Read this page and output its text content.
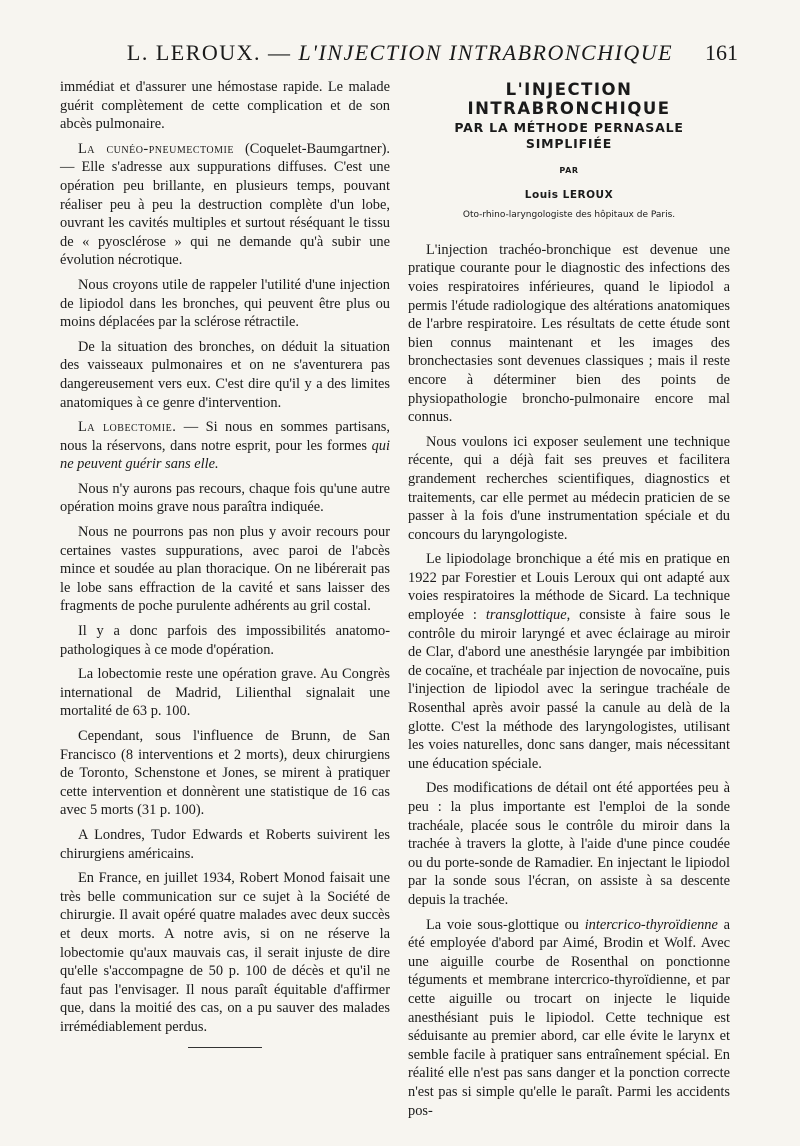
L. LEROUX. — L'INJECTION INTRABRONCHIQUE	161

immédiat et d'assurer une hémostase rapide. Le malade guérit complètement de cette complication et de son abcès pulmonaire.

La cunéo-pneumectomie (Coquelet-Baumgartner). — Elle s'adresse aux suppurations diffuses. C'est une opération peu brillante, en plusieurs temps, pouvant réaliser peu à peu la destruction complète d'un lobe, ouvrant les cavités multiples et surtout réséquant le tissu de « pyosclérose » qui ne demande qu'à subir une évolution nécrotique.

Nous croyons utile de rappeler l'utilité d'une injection de lipiodol dans les bronches, qui peuvent être plus ou moins déplacées par la sclérose rétractile.

De la situation des bronches, on déduit la situation des vaisseaux pulmonaires et on ne s'aventurera pas dangereusement vers eux. C'est dire qu'il y a des limites anatomiques à ce genre d'intervention.

La lobectomie. — Si nous en sommes partisans, nous la réservons, dans notre esprit, pour les formes qui ne peuvent guérir sans elle.

Nous n'y aurons pas recours, chaque fois qu'une autre opération moins grave nous paraîtra indiquée.

Nous ne pourrons pas non plus y avoir recours pour certaines vastes suppurations, avec paroi de l'abcès mince et soudée au plan thoracique. On ne libérerait pas le lobe sans effraction de la cavité et sans laisser des fragments de poche purulente adhérents au gril costal.

Il y a donc parfois des impossibilités anatomo-pathologiques à ce mode d'opération.

La lobectomie reste une opération grave. Au Congrès international de Madrid, Lilienthal signalait une mortalité de 63 p. 100.

Cependant, sous l'influence de Brunn, de San Francisco (8 interventions et 2 morts), deux chirurgiens de Toronto, Schenstone et Jones, se mirent à pratiquer cette intervention et donnèrent une statistique de 16 cas avec 5 morts (31 p. 100).

A Londres, Tudor Edwards et Roberts suivirent les chirurgiens américains.

En France, en juillet 1934, Robert Monod faisait une très belle communication sur ce sujet à la Société de chirurgie. Il avait opéré quatre malades avec deux succès et deux morts. A notre avis, si on ne réserve la lobectomie qu'aux mauvais cas, il serait injuste de dire qu'elle s'accompagne de 50 p. 100 de décès et qu'il ne faut pas l'envisager. Il nous paraît équitable d'affirmer que, dans la moitié des cas, on a pu sauver des malades irrémédiablement perdus.

L'INJECTION
INTRABRONCHIQUE
PAR LA MÉTHODE PERNASALE
SIMPLIFIÉE
PAR
Louis LEROUX
Oto-rhino-laryngologiste des hôpitaux de Paris.

L'injection trachéo-bronchique est devenue une pratique courante pour le diagnostic des infections des voies respiratoires inférieures, quand le lipiodol a permis l'étude radiologique des altérations anatomiques de l'arbre respiratoire. Les résultats de cette étude sont bien connus maintenant et les images des bronchectasies sont devenues classiques ; mais il reste encore à déterminer bien des points de physiopathologie broncho-pulmonaire encore mal connus.

Nous voulons ici exposer seulement une technique récente, qui a déjà fait ses preuves et facilitera grandement recherches scientifiques, diagnostics et traitements, car elle permet au médecin praticien de se passer à la fois d'une instrumentation spéciale et du concours du laryngologiste.

Le lipiodolage bronchique a été mis en pratique en 1922 par Forestier et Louis Leroux qui ont adapté aux voies respiratoires la méthode de Sicard. La technique employée : transglottique, consiste à faire sous le contrôle du miroir laryngé et avec éclairage au miroir de Clar, d'abord une anesthésie laryngée par imbibition de cocaïne, et trachéale par injection de novocaïne, puis l'injection de lipiodol avec la seringue trachéale de Rosenthal après avoir passé la canule au delà de la glotte. C'est la méthode des laryngologistes, utilisant les voies naturelles, donc sans danger, mais nécessitant une éducation spéciale.

Des modifications de détail ont été apportées peu à peu : la plus importante est l'emploi de la sonde trachéale, placée sous le contrôle du miroir dans la trachée à travers la glotte, à l'aide d'une pince coudée ou du porte-sonde de Ramadier. En injectant le lipiodol par la sonde sous l'écran, on assiste à sa descente depuis la trachée.

La voie sous-glottique ou intercrico-thyroïdienne a été employée d'abord par Aimé, Brodin et Wolf. Avec une aiguille courbe de Rosenthal on ponctionne téguments et membrane intercrico-thyroïdienne, et par cette aiguille ou trocart on injecte le liquide anesthésiant puis le lipiodol. Cette technique est séduisante au premier abord, car elle évite le larynx et semble facile à pratiquer sans entraînement spécial. En réalité elle n'est pas sans danger et la ponction correcte n'est pas si simple qu'elle le paraît. Parmi les accidents pos-
